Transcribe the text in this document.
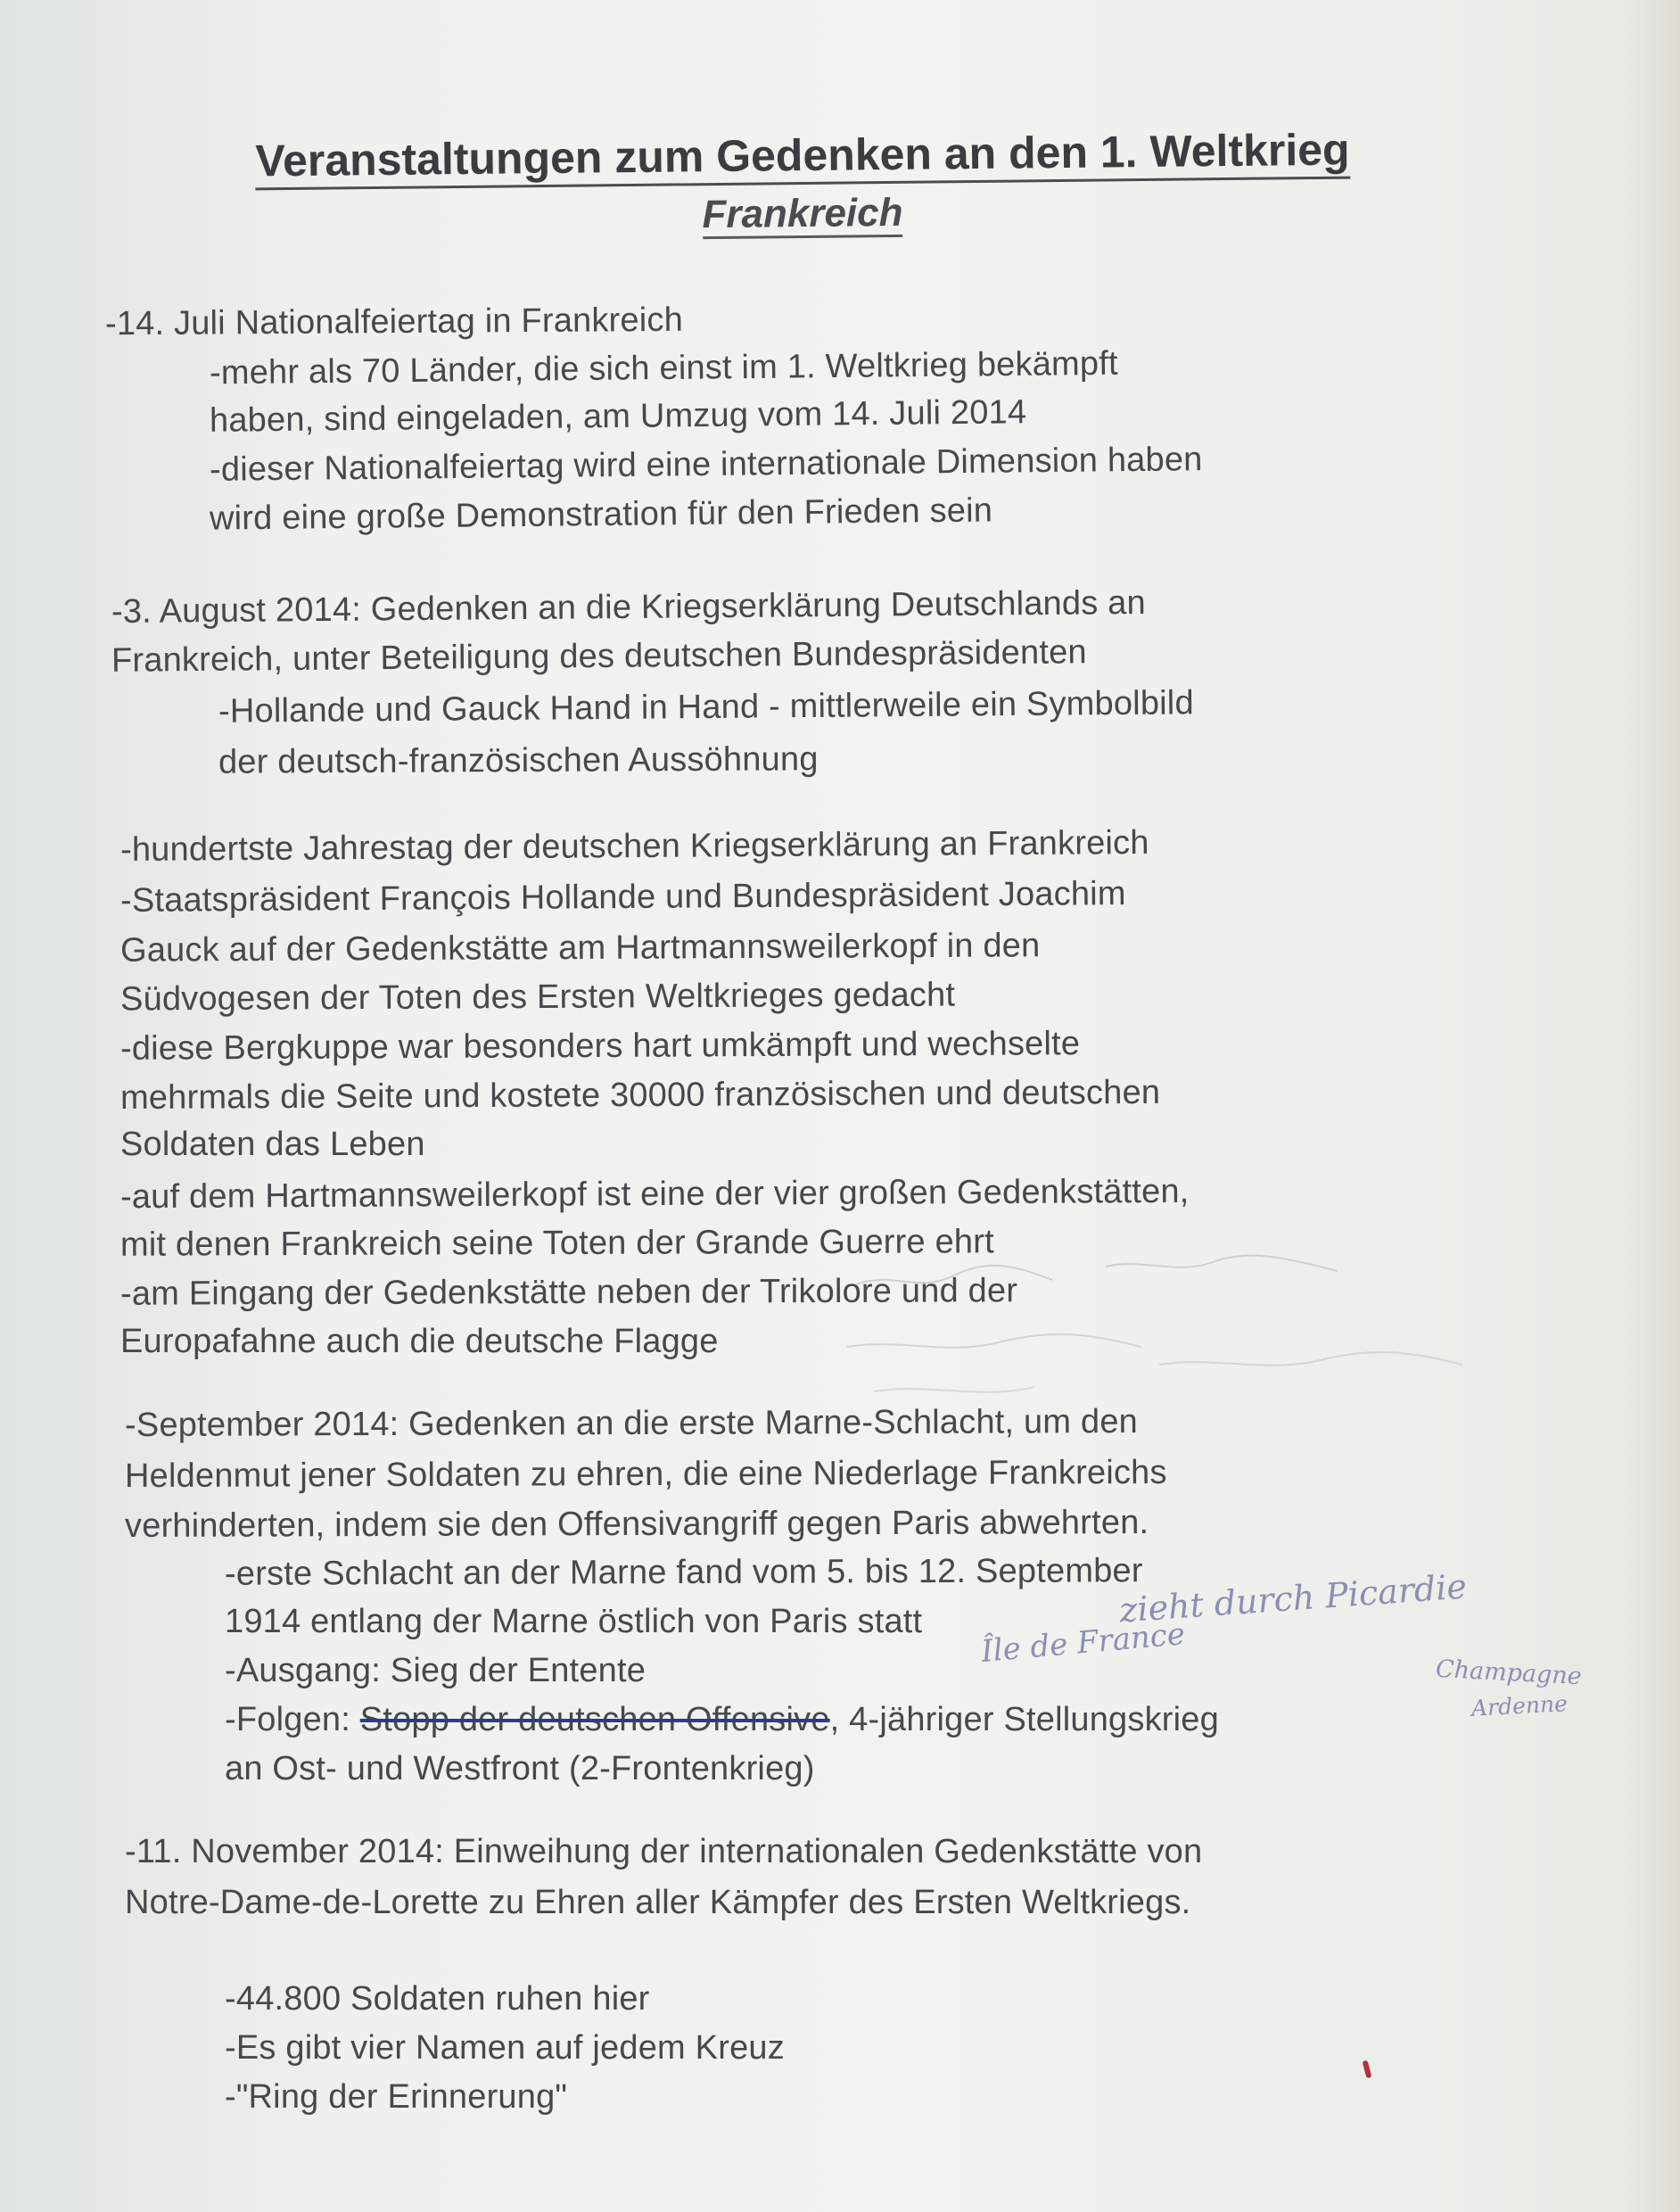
Veranstaltungen zum Gedenken an den 1. Weltkrieg
Frankreich
-14. Juli Nationalfeiertag in Frankreich
-mehr als 70 Länder, die sich einst im 1. Weltkrieg bekämpft
haben, sind eingeladen, am Umzug vom 14. Juli 2014
-dieser Nationalfeiertag wird eine internationale Dimension haben
wird eine große Demonstration für den Frieden sein
-3. August 2014: Gedenken an die Kriegserklärung Deutschlands an
Frankreich, unter Beteiligung des deutschen Bundespräsidenten
-Hollande und Gauck Hand in Hand - mittlerweile ein Symbolbild
der deutsch-französischen Aussöhnung
-hundertste Jahrestag der deutschen Kriegserklärung an Frankreich
-Staatspräsident François Hollande und Bundespräsident Joachim
Gauck auf der Gedenkstätte am Hartmannsweilerkopf in den
Südvogesen der Toten des Ersten Weltkrieges gedacht
-diese Bergkuppe war besonders hart umkämpft und wechselte
mehrmals die Seite und kostete 30000 französischen und deutschen
Soldaten das Leben
-auf dem Hartmannsweilerkopf ist eine der vier großen Gedenkstätten,
mit denen Frankreich seine Toten der Grande Guerre ehrt
-am Eingang der Gedenkstätte neben der Trikolore und der
Europafahne auch die deutsche Flagge
-September 2014: Gedenken an die erste Marne-Schlacht, um den
Heldenmut jener Soldaten zu ehren, die eine Niederlage Frankreichs
verhinderten, indem sie den Offensivangriff gegen Paris abwehrten.
-erste Schlacht an der Marne fand vom 5. bis 12. September
1914 entlang der Marne östlich von Paris statt
-Ausgang: Sieg der Entente
-Folgen: Stopp der deutschen Offensive, 4-jähriger Stellungskrieg
an Ost- und Westfront (2-Frontenkrieg)
-11. November 2014: Einweihung der internationalen Gedenkstätte von
Notre-Dame-de-Lorette zu Ehren aller Kämpfer des Ersten Weltkriegs.
-44.800 Soldaten ruhen hier
-Es gibt vier Namen auf jedem Kreuz
-"Ring der Erinnerung"
zieht durch Picardie
Île de France
Champagne
Ardenne
